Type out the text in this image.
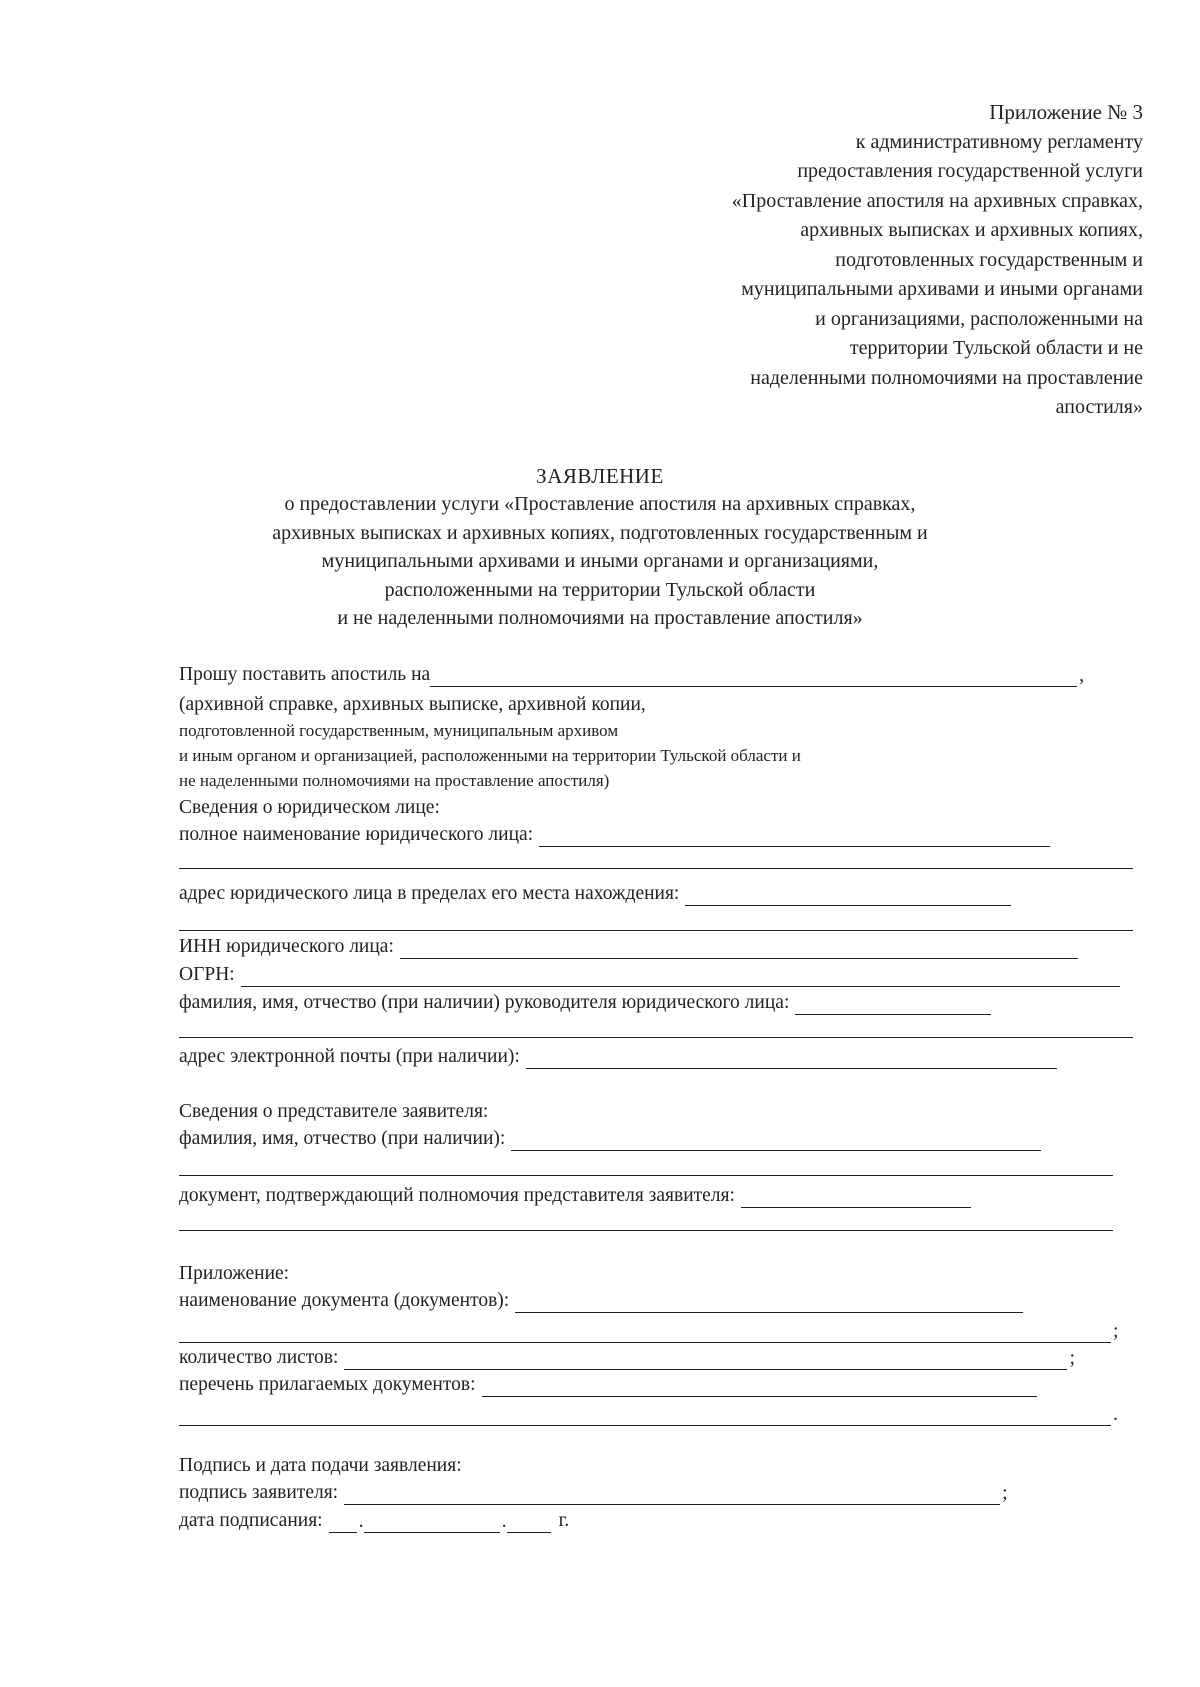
Приложение № 3
к административному регламенту
предоставления государственной услуги
«Проставление апостиля на архивных справках,
архивных выписках и архивных копиях,
подготовленных государственным и
муниципальными архивами и иными органами
и организациями, расположенными на
территории Тульской области и не
наделенными полномочиями на проставление
апостиля»
ЗАЯВЛЕНИЕ
о предоставлении услуги «Проставление апостиля на архивных справках,
архивных выписках и архивных копиях, подготовленных государственным и
муниципальными архивами и иными органами и организациями,
расположенными на территории Тульской области
и не наделенными полномочиями на проставление апостиля»
Прошу поставить апостиль на	,
(архивной справке, архивных выписке, архивной копии,
подготовленной государственным, муниципальным архивом
и иным органом и организацией, расположенными на территории Тульской области и
не наделенными полномочиями на проставление апостиля)
Сведения о юридическом лице:
полное наименование юридического лица:
адрес юридического лица в пределах его места нахождения:
ИНН юридического лица:
ОГРН:
фамилия, имя, отчество (при наличии) руководителя юридического лица:
адрес электронной почты (при наличии):
Сведения о представителе заявителя:
фамилия, имя, отчество (при наличии):
документ, подтверждающий полномочия представителя заявителя:
Приложение:
наименование документа (документов):
;
количество листов:	;
перечень прилагаемых документов:
.
Подпись и дата подачи заявления:
подпись заявителя:	;
дата подписания: .	.	г.
